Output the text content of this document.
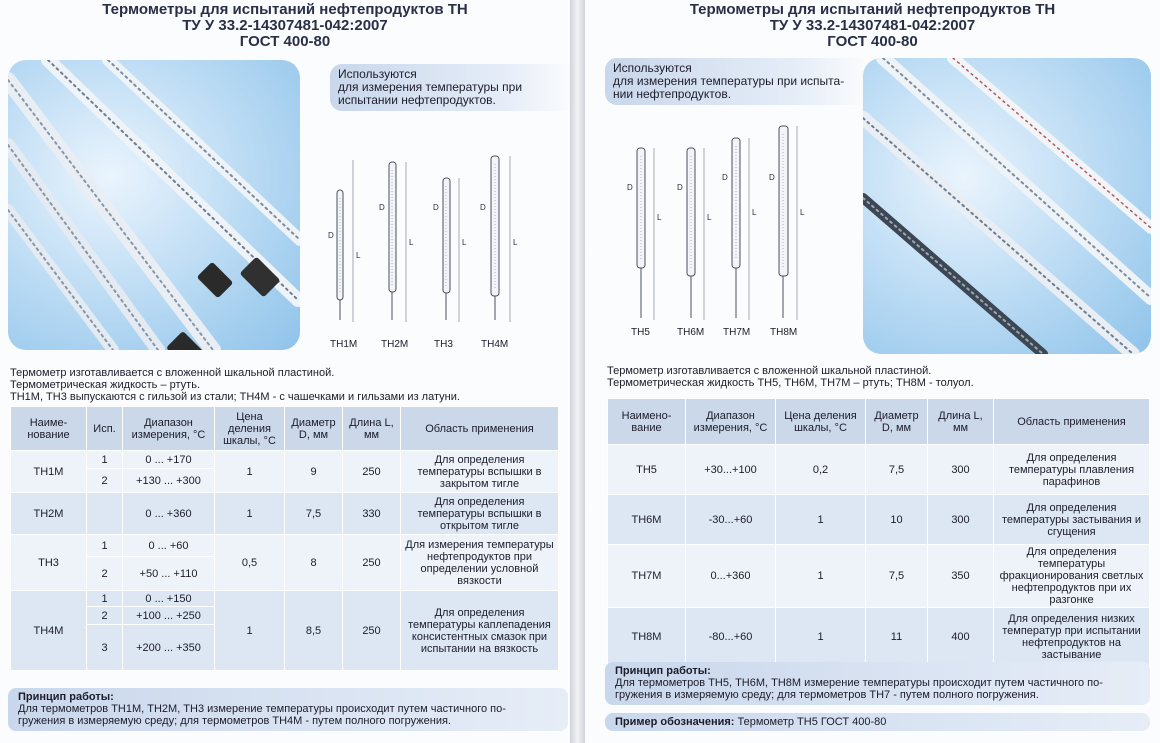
Термометры для испытаний нефтепродуктов ТН
ТУ У 33.2-14307481-042:2007
ГОСТ 400-80
Используются
для измерения температуры при
испытании нефтепродуктов.
D
L
D
L
D
L
D
L
ТН1М ТН2М	ТН3	ТН4М
Термометр изготавливается с вложенной шкальной пластиной.
Термометрическая жидкость – ртуть.
ТН1М, ТН3 выпускаются с гильзой из стали; ТН4М - с чашечками и гильзами из латуни.
Наиме-нование	Исп.	Диапазон измерения, °С	Цена деления шкалы, °С	Диаметр D, мм	Длина L, мм	Область применения
ТН1М	1	0 ... +170	1	9	250	Для определения температуры вспышки в закрытом тигле
	2	+130 ... +300				
ТН2М		0 ... +360	1	7,5	330	Для определения температуры вспышки в открытом тигле
ТН3	1	0 ... +60	0,5	8	250	Для измерения температуры нефтепродуктов при определении условной вязкости
	2	+50 ... +110				
ТН4М	1	0 ... +150	1	8,5	250	Для определения температуры каплепадения консистентных смазок при испытании на вязкость
	2	+100 ... +250				
	3	+200 ... +350				
Принцип работы:
Для термометров ТН1М, ТН2М, ТН3 измерение температуры происходит путем частичного по-
гружения в измеряемую среду; для термометров ТН4М - путем полного погружения.
Термометры для испытаний нефтепродуктов ТН
ТУ У 33.2-14307481-042:2007
ГОСТ 400-80
Используются
для измерения температуры при испыта-
нии нефтепродуктов.
D
L
D
L
D
L
D
L
ТН5	ТН6М ТН7М ТН8М
Термометр изготавливается с вложенной шкальной пластиной.
Термометрическая жидкость ТН5, ТН6М, ТН7М – ртуть; ТН8М - толуол.
Наимено-вание	Диапазон измерения, °С	Цена деления шкалы, °С	Диаметр D, мм	Длина L, мм	Область применения
ТН5	+30...+100	0,2	7,5	300	Для определения температуры плавления парафинов
ТН6М	-30...+60	1	10	300	Для определения температуры застывания и сгущения
ТН7М	0...+360	1	7,5	350	Для определения температуры фракционирования светлых нефтепродуктов при их разгонке
ТН8М	-80...+60	1	11	400	Для определения низких температур при испытании нефтепродуктов на застывание
Принцип работы:
Для термометров ТН5, ТН6М, ТН8М измерение температуры происходит путем частичного по-
гружения в измеряемую среду; для термометров ТН7 - путем полного погружения.
Пример обозначения: Термометр ТН5 ГОСТ 400-80
